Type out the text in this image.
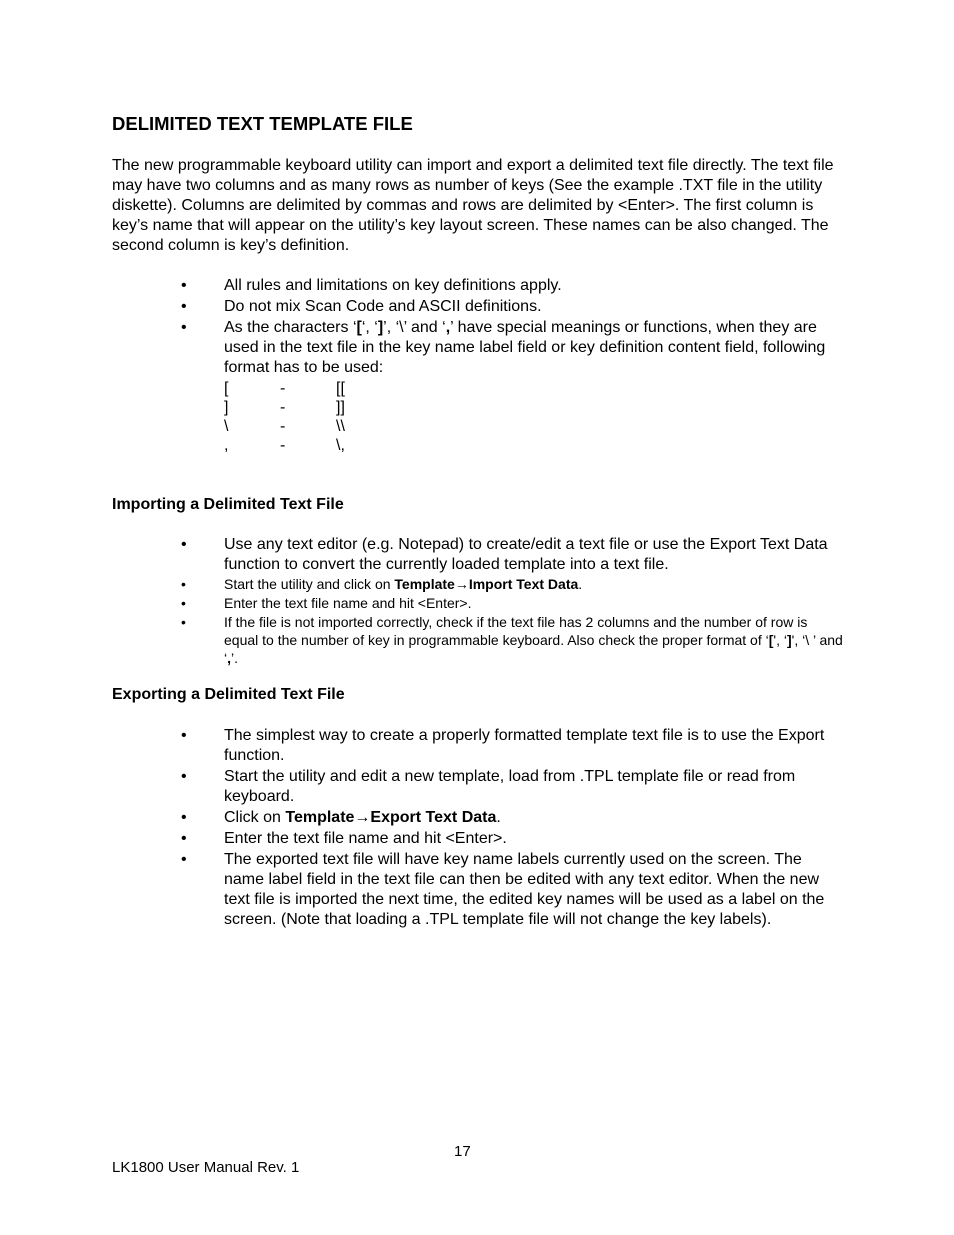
DELIMITED TEXT TEMPLATE FILE
The new programmable keyboard utility can import and export a delimited text file directly. The text file may have two columns and as many rows as number of keys (See the example .TXT file in the utility diskette). Columns are delimited by commas and rows are delimited by <Enter>. The first column is key’s name that will appear on the utility’s key layout screen. These names can be also changed. The second column is key’s definition.
• All rules and limitations on key definitions apply.
• Do not mix Scan Code and ASCII definitions.
• As the characters ‘[‘, ‘]’, ‘\’ and ‘,’ have special meanings or functions, when they are used in the text file in the key name label field or key definition content field, following format has to be used:
[	-	[[
]	-	]]
\	-	\\
,	-	\,
Importing a Delimited Text File
• Use any text editor (e.g. Notepad) to create/edit a text file or use the Export Text Data function to convert the currently loaded template into a text file.
•	Start the utility and click on Template→Import Text Data.
•	Enter the text file name and hit <Enter>.
•	If the file is not imported correctly, check if the text file has 2 columns and the number of row is equal to the number of key in programmable keyboard. Also check the proper format of ‘[', ‘]', ‘\ ’ and ‘,’.
Exporting a Delimited Text File
• The simplest way to create a properly formatted template text file is to use the Export function.
• Start the utility and edit a new template, load from .TPL template file or read from keyboard.
• Click on Template→Export Text Data.
• Enter the text file name and hit <Enter>.
• The exported text file will have key name labels currently used on the screen. The name label field in the text file can then be edited with any text editor. When the new text file is imported the next time, the edited key names will be used as a label on the screen. (Note that loading a .TPL template file will not change the key labels).
17
LK1800 User Manual Rev. 1
